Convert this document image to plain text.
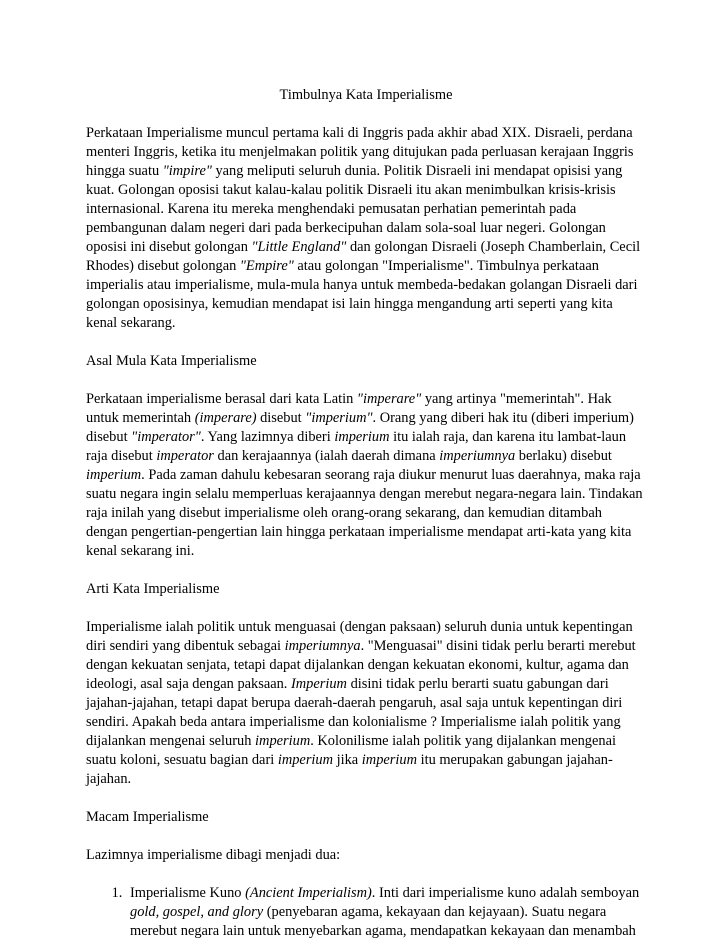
Timbulnya Kata Imperialisme

Perkataan Imperialisme muncul pertama kali di Inggris pada akhir abad XIX. Disraeli, perdana menteri Inggris, ketika itu menjelmakan politik yang ditujukan pada perluasan kerajaan Inggris hingga suatu "impire" yang meliputi seluruh dunia. Politik Disraeli ini mendapat opisisi yang kuat. Golongan oposisi takut kalau-kalau politik Disraeli itu akan menimbulkan krisis-krisis internasional. Karena itu mereka menghendaki pemusatan perhatian pemerintah pada pembangunan dalam negeri dari pada berkecipuhan dalam sola-soal luar negeri. Golongan oposisi ini disebut golongan "Little England" dan golongan Disraeli (Joseph Chamberlain, Cecil Rhodes) disebut golongan "Empire" atau golongan "Imperialisme". Timbulnya perkataan imperialis atau imperialisme, mula-mula hanya untuk membeda-bedakan golangan Disraeli dari golongan oposisinya, kemudian mendapat isi lain hingga mengandung arti seperti yang kita kenal sekarang.

Asal Mula Kata Imperialisme

Perkataan imperialisme berasal dari kata Latin "imperare" yang artinya "memerintah". Hak untuk memerintah (imperare) disebut "imperium". Orang yang diberi hak itu (diberi imperium) disebut "imperator". Yang lazimnya diberi imperium itu ialah raja, dan karena itu lambat-laun raja disebut imperator dan kerajaannya (ialah daerah dimana imperiumnya berlaku) disebut imperium. Pada zaman dahulu kebesaran seorang raja diukur menurut luas daerahnya, maka raja suatu negara ingin selalu memperluas kerajaannya dengan merebut negara-negara lain. Tindakan raja inilah yang disebut imperialisme oleh orang-orang sekarang, dan kemudian ditambah dengan pengertian-pengertian lain hingga perkataan imperialisme mendapat arti-kata yang kita kenal sekarang ini.

Arti Kata Imperialisme

Imperialisme ialah politik untuk menguasai (dengan paksaan) seluruh dunia untuk kepentingan diri sendiri yang dibentuk sebagai imperiumnya. "Menguasai" disini tidak perlu berarti merebut dengan kekuatan senjata, tetapi dapat dijalankan dengan kekuatan ekonomi, kultur, agama dan ideologi, asal saja dengan paksaan. Imperium disini tidak perlu berarti suatu gabungan dari jajahan-jajahan, tetapi dapat berupa daerah-daerah pengaruh, asal saja untuk kepentingan diri sendiri. Apakah beda antara imperialisme dan kolonialisme ? Imperialisme ialah politik yang dijalankan mengenai seluruh imperium. Kolonilisme ialah politik yang dijalankan mengenai suatu koloni, sesuatu bagian dari imperium jika imperium itu merupakan gabungan jajahan-jajahan.

Macam Imperialisme

Lazimnya imperialisme dibagi menjadi dua:

1. Imperialisme Kuno (Ancient Imperialism). Inti dari imperialisme kuno adalah semboyan gold, gospel, and glory (penyebaran agama, kekayaan dan kejayaan). Suatu negara merebut negara lain untuk menyebarkan agama, mendapatkan kekayaan dan menambah
